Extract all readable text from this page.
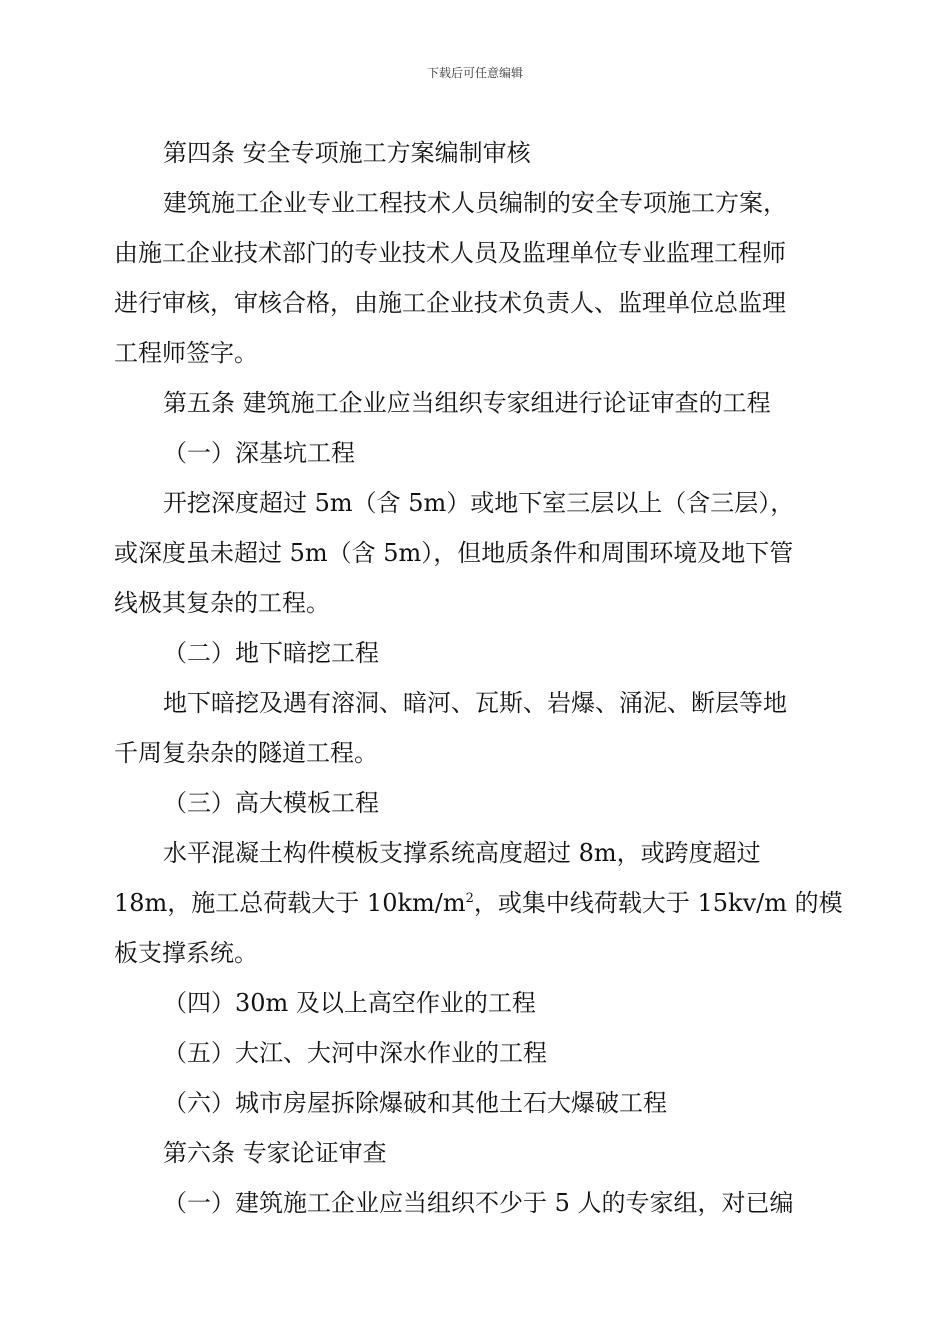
下载后可任意编辑
第四条 安全专项施工方案编制审核
建筑施工企业专业工程技术人员编制的安全专项施工方案，
由施工企业技术部门的专业技术人员及监理单位专业监理工程师
进行审核，审核合格，由施工企业技术负责人、监理单位总监理
工程师签字。
第五条 建筑施工企业应当组织专家组进行论证审查的工程
（一）深基坑工程
开挖深度超过 5m（含 5m）或地下室三层以上（含三层），
或深度虽未超过 5m（含 5m），但地质条件和周围环境及地下管
线极其复杂的工程。
（二）地下暗挖工程
地下暗挖及遇有溶洞、暗河、瓦斯、岩爆、涌泥、断层等地
千周复杂杂的隧道工程。
（三）高大模板工程
水平混凝土构件模板支撑系统高度超过 8m，或跨度超过
18m，施工总荷载大于 $10km/m^2$，或集中线荷载大于 15kv/m 的模
板支撑系统。
（四）30m 及以上高空作业的工程
（五）大江、大河中深水作业的工程
（六）城市房屋拆除爆破和其他土石大爆破工程
第六条 专家论证审查
（一）建筑施工企业应当组织不少于 5 人的专家组，对已编
